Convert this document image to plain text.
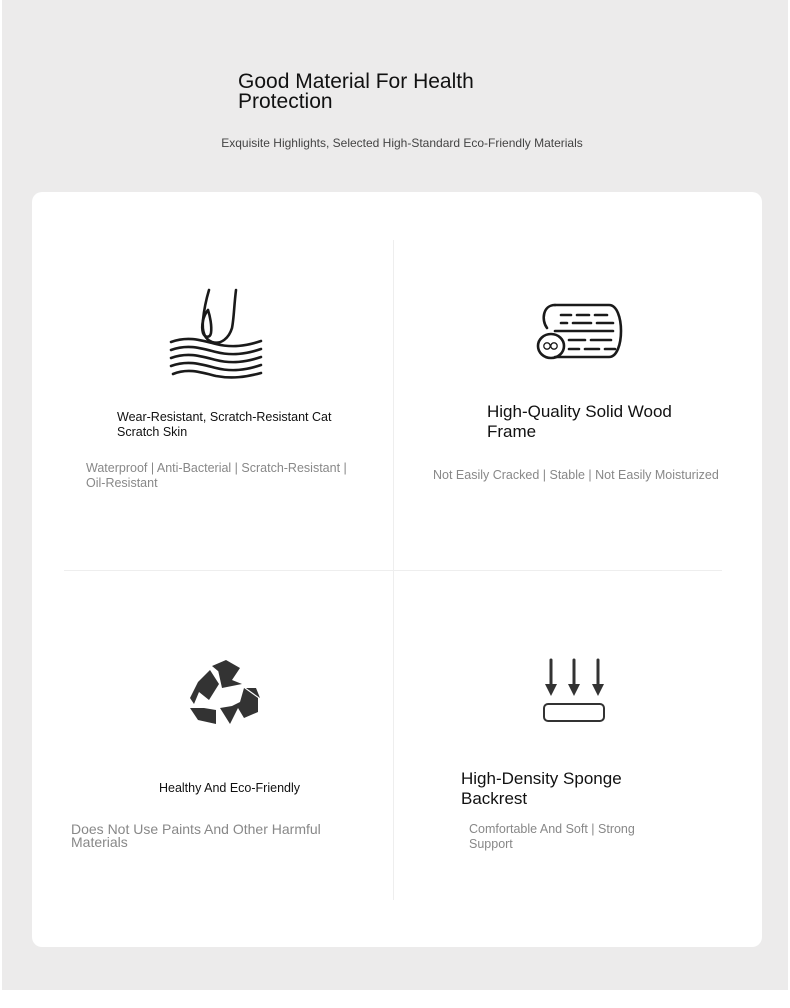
Good Material For Health Protection
Exquisite Highlights, Selected High-Standard Eco-Friendly Materials

Wear-Resistant, Scratch-Resistant Cat Scratch Skin

Waterproof | Anti-Bacterial | Scratch-Resistant | Oil-Resistant

High-Quality Solid Wood Frame

Not Easily Cracked | Stable | Not Easily Moisturized

Healthy And Eco-Friendly

Does Not Use Paints And Other Harmful Materials

High-Density Sponge Backrest

Comfortable And Soft | Strong Support
